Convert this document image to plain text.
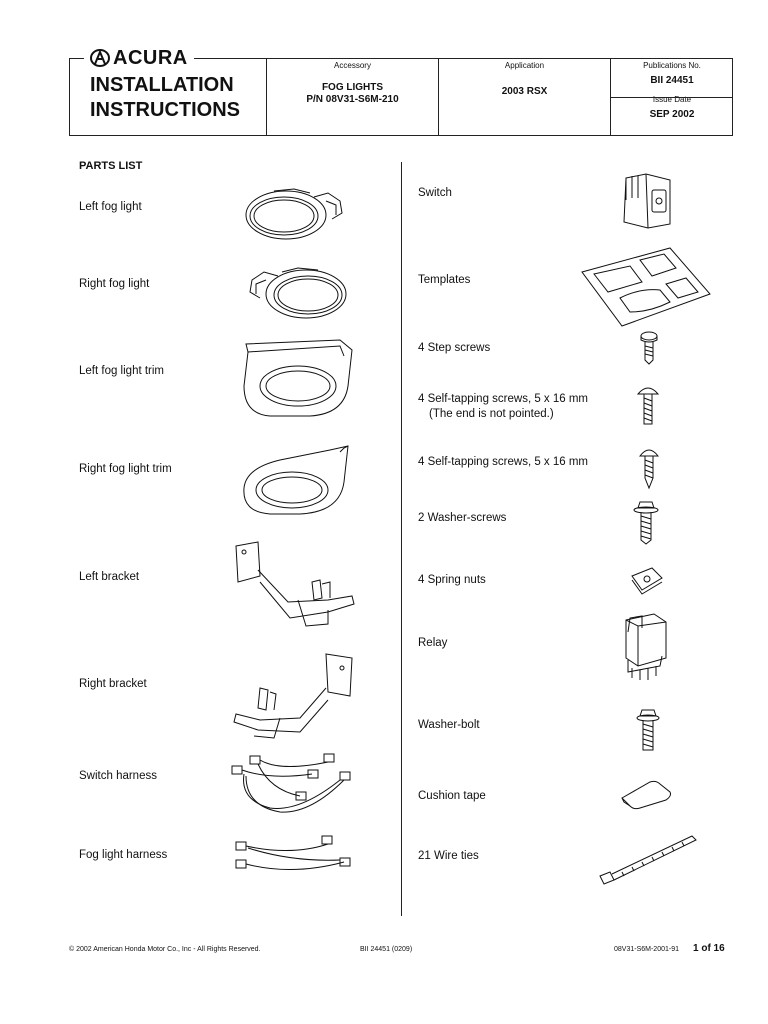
ACURA
INSTALLATION
INSTRUCTIONS
Accessory
FOG LIGHTS
P/N 08V31-S6M-210
Application
2003 RSX
Publications No.
BII 24451
Issue Date
SEP 2002
PARTS LIST
Left fog light
Right fog light
Left fog light trim
Right fog light trim
Left bracket
Right bracket
Switch harness
Fog light harness
Switch
Templates
4 Step screws
4 Self-tapping screws, 5 x 16 mm
(The end is not pointed.)
4 Self-tapping screws, 5 x 16 mm
2 Washer-screws
4 Spring nuts
Relay
Washer-bolt
Cushion tape
21 Wire ties
© 2002 American Honda Motor Co., Inc - All Rights Reserved.	BII 24451 (0209)	08V31-S6M-2001-91 1 of 16
